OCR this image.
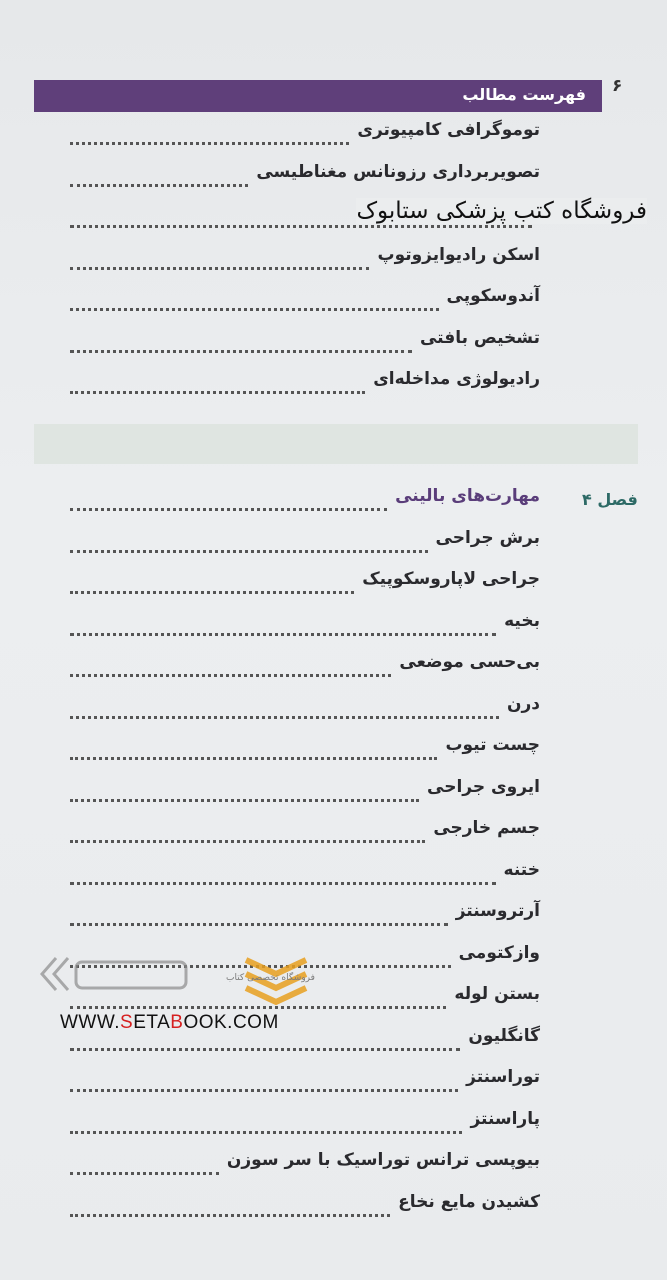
۶
فهرست مطالب
توموگرافی کامپیوتری
تصویربرداری رزونانس مغناطیسی
اسکن رادیوایزوتوپ
آندوسکوپی
تشخیص بافتی
رادیولوژی مداخله‌ای
فروشگاه کتب پزشکی ستابوک
فصل ۴
مهارت‌های بالینی
برش جراحی
جراحی لاپاروسکوپیک
بخیه
بی‌حسی موضعی
درن
چست تیوب
ایروی جراحی
جسم خارجی
ختنه
آرتروسنتز
وازکتومی
بستن لوله
گانگلیون
توراسنتز
پاراسنتز
بیوپسی ترانس توراسیک با سر سوزن
کشیدن مایع نخاع
فروشگاه تخصصی کتاب
WWW.SETABOOK.COM
